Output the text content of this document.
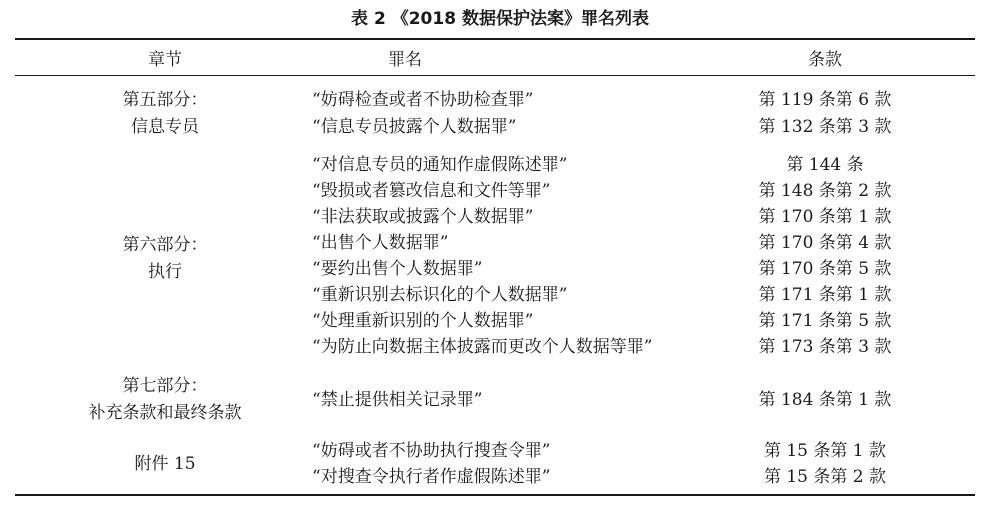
表 2 《2018 数据保护法案》罪名列表
章节	罪名	条款
第五部分：
信息专员
“妨碍检查或者不协助检查罪”	第 119 条第 6 款
“信息专员披露个人数据罪”	第 132 条第 3 款
第六部分：
执行
“对信息专员的通知作虚假陈述罪”	第 144 条
“毁损或者篡改信息和文件等罪”	第 148 条第 2 款
“非法获取或披露个人数据罪”	第 170 条第 1 款
“出售个人数据罪”	第 170 条第 4 款
“要约出售个人数据罪”	第 170 条第 5 款
“重新识别去标识化的个人数据罪”	第 171 条第 1 款
“处理重新识别的个人数据罪”	第 171 条第 5 款
“为防止向数据主体披露而更改个人数据等罪”	第 173 条第 3 款
第七部分：
补充条款和最终条款
“禁止提供相关记录罪”	第 184 条第 1 款
附件 15
“妨碍或者不协助执行搜查令罪”	第 15 条第 1 款
“对搜查令执行者作虚假陈述罪”	第 15 条第 2 款
